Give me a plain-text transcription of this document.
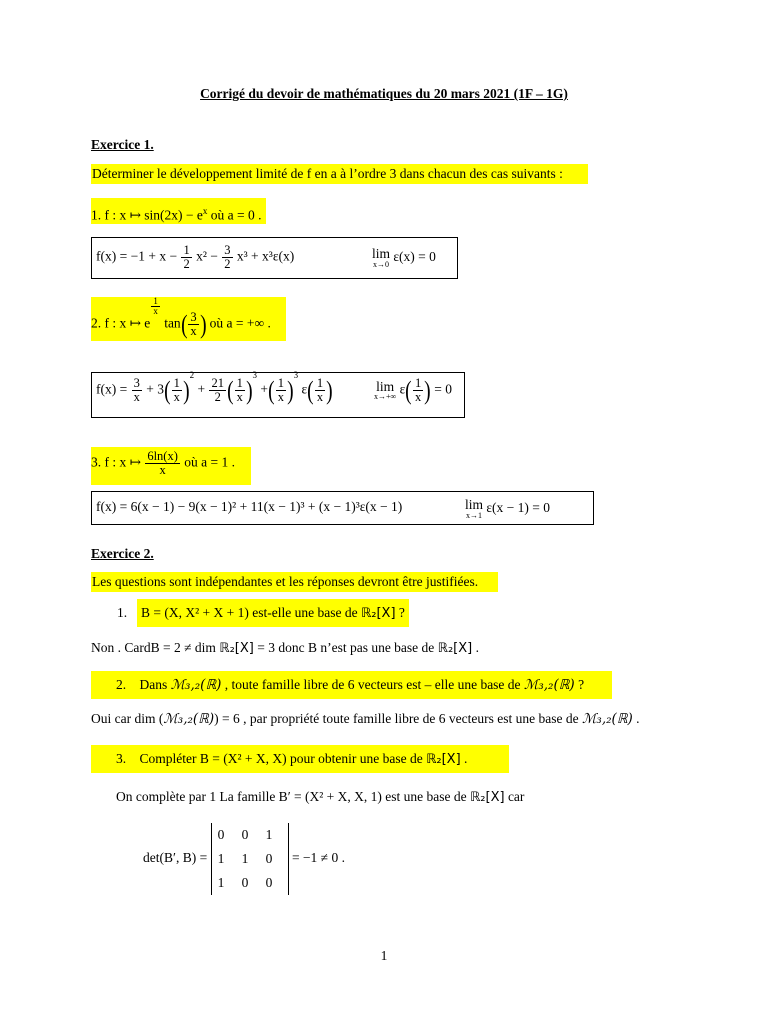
Corrigé du devoir de mathématiques du 20 mars 2021 (1F – 1G)
Exercice 1.
Déterminer le développement limité de f en a à l’ordre 3 dans chacun des cas suivants :
1. f : x ↦ $\sin(2x) - e^x$ où a = 0 .
$f(x) = -1 + x - \frac{1}{2} x^2 - \frac{3}{2} x^3 + x^3\varepsilon(x)$	lim
x→0
ε(x) = 0
2. f : x ↦ e
$\frac{1}{x}$
$\tan( \frac{3}{x}$ ) où a = +∞ .
$f(x) = \frac{3}{x} + 3( \frac{1}{x} )^2 + \frac{21}{2}$ ( $\frac{1}{x} )^3$ +( $\frac{1}{x} )^3$ $\varepsilon( \frac{1}{x}$ )	lim
x→+∞
$\varepsilon( \frac{1}{x}$ ) = 0
3. f : x ↦ $\frac{6\ln(x)}{x}$ où a = 1 .
f(x) = 6(x − 1) − 9(x − 1)² + 11(x − 1)³ + (x − 1)³ε(x − 1)	lim
x→1
ε(x − 1) = 0
Exercice 2.
Les questions sont indépendantes et les réponses devront être justifiées.
1. B = (X, X² + X + 1) est-elle une base de ℝ₂[X] ?
Non . CardB = 2 ≠ dim ℝ₂[X] = 3 donc B n’est pas une base de ℝ₂[X] .
2. Dans ℳ₃,₂(ℝ) , toute famille libre de 6 vecteurs est – elle une base de ℳ₃,₂(ℝ) ?
Oui car dim (ℳ₃,₂(ℝ)) = 6 , par propriété toute famille libre de 6 vecteurs est une base de ℳ₃,₂(ℝ) .
3. Compléter B = (X² + X, X) pour obtenir une base de ℝ₂[X] .
On complète par 1 La famille B′ = (X² + X, X, 1) est une base de ℝ₂[X] car
det(B′, B) =
0	0	1
1	1	0
1	0	0
= −1 ≠ 0 .
1
